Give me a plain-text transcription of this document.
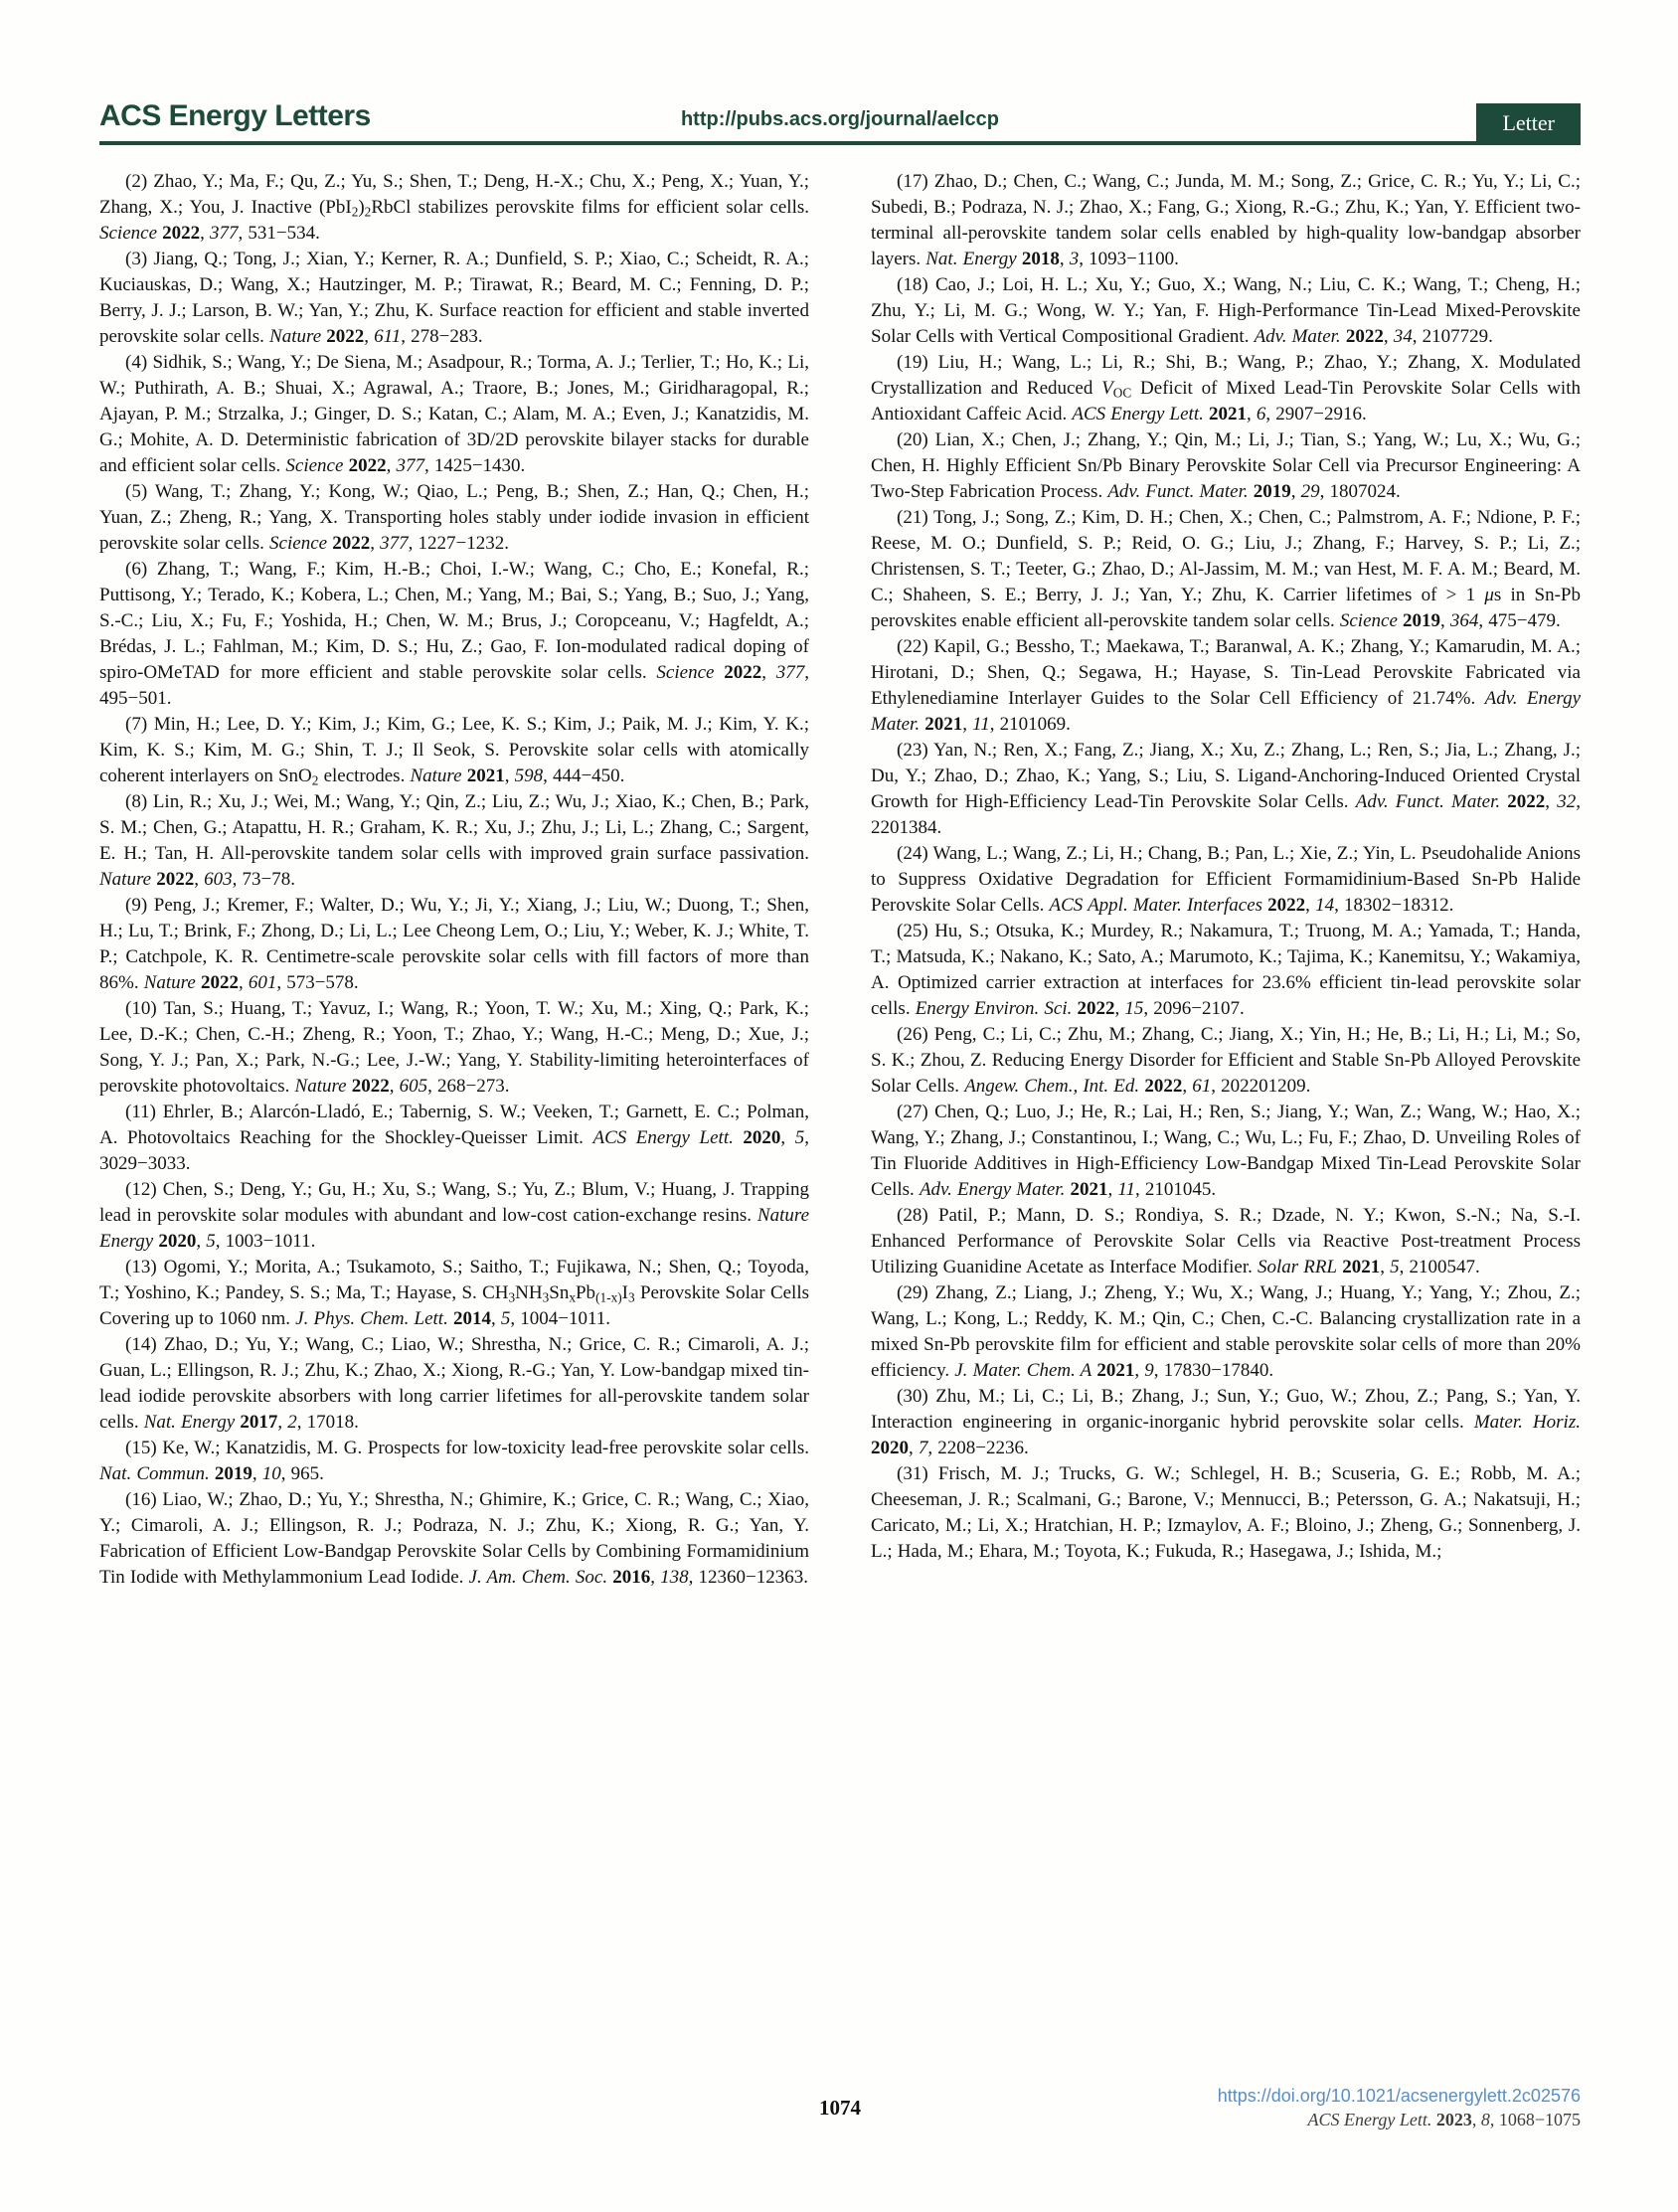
ACS Energy Letters	http://pubs.acs.org/journal/aelccp	Letter

(2) Zhao, Y.; Ma, F.; Qu, Z.; Yu, S.; Shen, T.; Deng, H.-X.; Chu, X.; Peng, X.; Yuan, Y.; Zhang, X.; You, J. Inactive $(PbI_2)_2RbCl$ stabilizes perovskite films for efficient solar cells. Science 2022, 377, 531−534.

(3) Jiang, Q.; Tong, J.; Xian, Y.; Kerner, R. A.; Dunfield, S. P.; Xiao, C.; Scheidt, R. A.; Kuciauskas, D.; Wang, X.; Hautzinger, M. P.; Tirawat, R.; Beard, M. C.; Fenning, D. P.; Berry, J. J.; Larson, B. W.; Yan, Y.; Zhu, K. Surface reaction for efficient and stable inverted perovskite solar cells. Nature 2022, 611, 278−283.

(4) Sidhik, S.; Wang, Y.; De Siena, M.; Asadpour, R.; Torma, A. J.; Terlier, T.; Ho, K.; Li, W.; Puthirath, A. B.; Shuai, X.; Agrawal, A.; Traore, B.; Jones, M.; Giridharagopal, R.; Ajayan, P. M.; Strzalka, J.; Ginger, D. S.; Katan, C.; Alam, M. A.; Even, J.; Kanatzidis, M. G.; Mohite, A. D. Deterministic fabrication of 3D/2D perovskite bilayer stacks for durable and efficient solar cells. Science 2022, 377, 1425−1430.

(5) Wang, T.; Zhang, Y.; Kong, W.; Qiao, L.; Peng, B.; Shen, Z.; Han, Q.; Chen, H.; Yuan, Z.; Zheng, R.; Yang, X. Transporting holes stably under iodide invasion in efficient perovskite solar cells. Science 2022, 377, 1227−1232.

(6) Zhang, T.; Wang, F.; Kim, H.-B.; Choi, I.-W.; Wang, C.; Cho, E.; Konefal, R.; Puttisong, Y.; Terado, K.; Kobera, L.; Chen, M.; Yang, M.; Bai, S.; Yang, B.; Suo, J.; Yang, S.-C.; Liu, X.; Fu, F.; Yoshida, H.; Chen, W. M.; Brus, J.; Coropceanu, V.; Hagfeldt, A.; Brédas, J. L.; Fahlman, M.; Kim, D. S.; Hu, Z.; Gao, F. Ion-modulated radical doping of spiro-OMeTAD for more efficient and stable perovskite solar cells. Science 2022, 377, 495−501.

(7) Min, H.; Lee, D. Y.; Kim, J.; Kim, G.; Lee, K. S.; Kim, J.; Paik, M. J.; Kim, Y. K.; Kim, K. S.; Kim, M. G.; Shin, T. J.; Il Seok, S. Perovskite solar cells with atomically coherent interlayers on SnO$_2$ electrodes. Nature 2021, 598, 444−450.

(8) Lin, R.; Xu, J.; Wei, M.; Wang, Y.; Qin, Z.; Liu, Z.; Wu, J.; Xiao, K.; Chen, B.; Park, S. M.; Chen, G.; Atapattu, H. R.; Graham, K. R.; Xu, J.; Zhu, J.; Li, L.; Zhang, C.; Sargent, E. H.; Tan, H. All-perovskite tandem solar cells with improved grain surface passivation. Nature 2022, 603, 73−78.

(9) Peng, J.; Kremer, F.; Walter, D.; Wu, Y.; Ji, Y.; Xiang, J.; Liu, W.; Duong, T.; Shen, H.; Lu, T.; Brink, F.; Zhong, D.; Li, L.; Lee Cheong Lem, O.; Liu, Y.; Weber, K. J.; White, T. P.; Catchpole, K. R. Centimetre-scale perovskite solar cells with fill factors of more than 86%. Nature 2022, 601, 573−578.

(10) Tan, S.; Huang, T.; Yavuz, I.; Wang, R.; Yoon, T. W.; Xu, M.; Xing, Q.; Park, K.; Lee, D.-K.; Chen, C.-H.; Zheng, R.; Yoon, T.; Zhao, Y.; Wang, H.-C.; Meng, D.; Xue, J.; Song, Y. J.; Pan, X.; Park, N.-G.; Lee, J.-W.; Yang, Y. Stability-limiting heterointerfaces of perovskite photovoltaics. Nature 2022, 605, 268−273.

(11) Ehrler, B.; Alarcón-Lladó, E.; Tabernig, S. W.; Veeken, T.; Garnett, E. C.; Polman, A. Photovoltaics Reaching for the Shockley-Queisser Limit. ACS Energy Lett. 2020, 5, 3029−3033.

(12) Chen, S.; Deng, Y.; Gu, H.; Xu, S.; Wang, S.; Yu, Z.; Blum, V.; Huang, J. Trapping lead in perovskite solar modules with abundant and low-cost cation-exchange resins. Nature Energy 2020, 5, 1003−1011.

(13) Ogomi, Y.; Morita, A.; Tsukamoto, S.; Saitho, T.; Fujikawa, N.; Shen, Q.; Toyoda, T.; Yoshino, K.; Pandey, S. S.; Ma, T.; Hayase, S. $CH_3NH_3Sn_xPb_{(1-x)}I_3$ Perovskite Solar Cells Covering up to 1060 nm. J. Phys. Chem. Lett. 2014, 5, 1004−1011.

(14) Zhao, D.; Yu, Y.; Wang, C.; Liao, W.; Shrestha, N.; Grice, C. R.; Cimaroli, A. J.; Guan, L.; Ellingson, R. J.; Zhu, K.; Zhao, X.; Xiong, R.-G.; Yan, Y. Low-bandgap mixed tin-lead iodide perovskite absorbers with long carrier lifetimes for all-perovskite tandem solar cells. Nat. Energy 2017, 2, 17018.

(15) Ke, W.; Kanatzidis, M. G. Prospects for low-toxicity lead-free perovskite solar cells. Nat. Commun. 2019, 10, 965.

(16) Liao, W.; Zhao, D.; Yu, Y.; Shrestha, N.; Ghimire, K.; Grice, C. R.; Wang, C.; Xiao, Y.; Cimaroli, A. J.; Ellingson, R. J.; Podraza, N. J.; Zhu, K.; Xiong, R. G.; Yan, Y. Fabrication of Efficient Low-Bandgap Perovskite Solar Cells by Combining Formamidinium Tin Iodide with Methylammonium Lead Iodide. J. Am. Chem. Soc. 2016, 138, 12360−12363.

(17) Zhao, D.; Chen, C.; Wang, C.; Junda, M. M.; Song, Z.; Grice, C. R.; Yu, Y.; Li, C.; Subedi, B.; Podraza, N. J.; Zhao, X.; Fang, G.; Xiong, R.-G.; Zhu, K.; Yan, Y. Efficient two-terminal all-perovskite tandem solar cells enabled by high-quality low-bandgap absorber layers. Nat. Energy 2018, 3, 1093−1100.

(18) Cao, J.; Loi, H. L.; Xu, Y.; Guo, X.; Wang, N.; Liu, C. K.; Wang, T.; Cheng, H.; Zhu, Y.; Li, M. G.; Wong, W. Y.; Yan, F. High-Performance Tin-Lead Mixed-Perovskite Solar Cells with Vertical Compositional Gradient. Adv. Mater. 2022, 34, 2107729.

(19) Liu, H.; Wang, L.; Li, R.; Shi, B.; Wang, P.; Zhao, Y.; Zhang, X. Modulated Crystallization and Reduced $V_{OC}$ Deficit of Mixed Lead-Tin Perovskite Solar Cells with Antioxidant Caffeic Acid. ACS Energy Lett. 2021, 6, 2907−2916.

(20) Lian, X.; Chen, J.; Zhang, Y.; Qin, M.; Li, J.; Tian, S.; Yang, W.; Lu, X.; Wu, G.; Chen, H. Highly Efficient Sn/Pb Binary Perovskite Solar Cell via Precursor Engineering: A Two-Step Fabrication Process. Adv. Funct. Mater. 2019, 29, 1807024.

(21) Tong, J.; Song, Z.; Kim, D. H.; Chen, X.; Chen, C.; Palmstrom, A. F.; Ndione, P. F.; Reese, M. O.; Dunfield, S. P.; Reid, O. G.; Liu, J.; Zhang, F.; Harvey, S. P.; Li, Z.; Christensen, S. T.; Teeter, G.; Zhao, D.; Al-Jassim, M. M.; van Hest, M. F. A. M.; Beard, M. C.; Shaheen, S. E.; Berry, J. J.; Yan, Y.; Zhu, K. Carrier lifetimes of > 1 μs in Sn-Pb perovskites enable efficient all-perovskite tandem solar cells. Science 2019, 364, 475−479.

(22) Kapil, G.; Bessho, T.; Maekawa, T.; Baranwal, A. K.; Zhang, Y.; Kamarudin, M. A.; Hirotani, D.; Shen, Q.; Segawa, H.; Hayase, S. Tin-Lead Perovskite Fabricated via Ethylenediamine Interlayer Guides to the Solar Cell Efficiency of 21.74%. Adv. Energy Mater. 2021, 11, 2101069.

(23) Yan, N.; Ren, X.; Fang, Z.; Jiang, X.; Xu, Z.; Zhang, L.; Ren, S.; Jia, L.; Zhang, J.; Du, Y.; Zhao, D.; Zhao, K.; Yang, S.; Liu, S. Ligand-Anchoring-Induced Oriented Crystal Growth for High-Efficiency Lead-Tin Perovskite Solar Cells. Adv. Funct. Mater. 2022, 32, 2201384.

(24) Wang, L.; Wang, Z.; Li, H.; Chang, B.; Pan, L.; Xie, Z.; Yin, L. Pseudohalide Anions to Suppress Oxidative Degradation for Efficient Formamidinium-Based Sn-Pb Halide Perovskite Solar Cells. ACS Appl. Mater. Interfaces 2022, 14, 18302−18312.

(25) Hu, S.; Otsuka, K.; Murdey, R.; Nakamura, T.; Truong, M. A.; Yamada, T.; Handa, T.; Matsuda, K.; Nakano, K.; Sato, A.; Marumoto, K.; Tajima, K.; Kanemitsu, Y.; Wakamiya, A. Optimized carrier extraction at interfaces for 23.6% efficient tin-lead perovskite solar cells. Energy Environ. Sci. 2022, 15, 2096−2107.

(26) Peng, C.; Li, C.; Zhu, M.; Zhang, C.; Jiang, X.; Yin, H.; He, B.; Li, H.; Li, M.; So, S. K.; Zhou, Z. Reducing Energy Disorder for Efficient and Stable Sn-Pb Alloyed Perovskite Solar Cells. Angew. Chem., Int. Ed. 2022, 61, 202201209.

(27) Chen, Q.; Luo, J.; He, R.; Lai, H.; Ren, S.; Jiang, Y.; Wan, Z.; Wang, W.; Hao, X.; Wang, Y.; Zhang, J.; Constantinou, I.; Wang, C.; Wu, L.; Fu, F.; Zhao, D. Unveiling Roles of Tin Fluoride Additives in High-Efficiency Low-Bandgap Mixed Tin-Lead Perovskite Solar Cells. Adv. Energy Mater. 2021, 11, 2101045.

(28) Patil, P.; Mann, D. S.; Rondiya, S. R.; Dzade, N. Y.; Kwon, S.-N.; Na, S.-I. Enhanced Performance of Perovskite Solar Cells via Reactive Post-treatment Process Utilizing Guanidine Acetate as Interface Modifier. Solar RRL 2021, 5, 2100547.

(29) Zhang, Z.; Liang, J.; Zheng, Y.; Wu, X.; Wang, J.; Huang, Y.; Yang, Y.; Zhou, Z.; Wang, L.; Kong, L.; Reddy, K. M.; Qin, C.; Chen, C.-C. Balancing crystallization rate in a mixed Sn-Pb perovskite film for efficient and stable perovskite solar cells of more than 20% efficiency. J. Mater. Chem. A 2021, 9, 17830−17840.

(30) Zhu, M.; Li, C.; Li, B.; Zhang, J.; Sun, Y.; Guo, W.; Zhou, Z.; Pang, S.; Yan, Y. Interaction engineering in organic-inorganic hybrid perovskite solar cells. Mater. Horiz. 2020, 7, 2208−2236.

(31) Frisch, M. J.; Trucks, G. W.; Schlegel, H. B.; Scuseria, G. E.; Robb, M. A.; Cheeseman, J. R.; Scalmani, G.; Barone, V.; Mennucci, B.; Petersson, G. A.; Nakatsuji, H.; Caricato, M.; Li, X.; Hratchian, H. P.; Izmaylov, A. F.; Bloino, J.; Zheng, G.; Sonnenberg, J. L.; Hada, M.; Ehara, M.; Toyota, K.; Fukuda, R.; Hasegawa, J.; Ishida, M.;

1074	https://doi.org/10.1021/acsenergylett.2c02576
ACS Energy Lett. 2023, 8, 1068−1075
